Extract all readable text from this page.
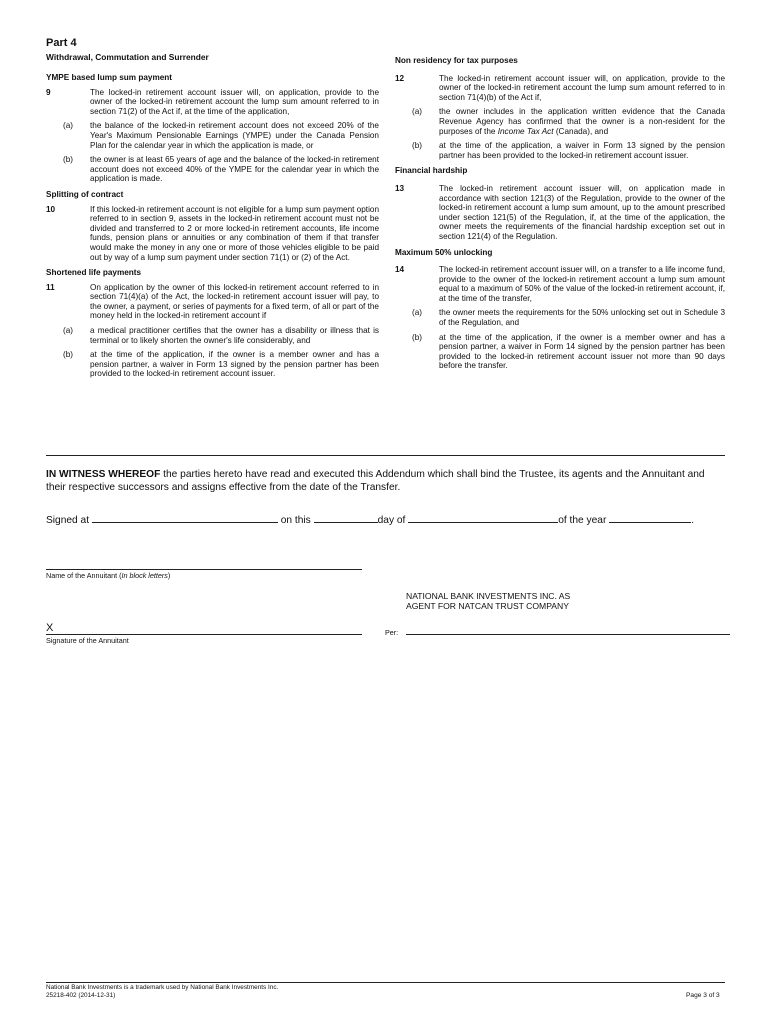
Part 4
Withdrawal, Commutation and Surrender
YMPE based lump sum payment
9	The locked-in retirement account issuer will, on application, provide to the owner of the locked-in retirement account the lump sum amount referred to in section 71(2) of the Act if, at the time of the application,
(a)	the balance of the locked-in retirement account does not exceed 20% of the Year's Maximum Pensionable Earnings (YMPE) under the Canada Pension Plan for the calendar year in which the application is made, or
(b)	the owner is at least 65 years of age and the balance of the locked-in retirement account does not exceed 40% of the YMPE for the calendar year in which the application is made.
Splitting of contract
10	If this locked-in retirement account is not eligible for a lump sum payment option referred to in section 9, assets in the locked-in retirement account must not be divided and transferred to 2 or more locked-in retirement accounts, life income funds, pension plans or annuities or any combination of them if that transfer would make the money in any one or more of those vehicles eligible to be paid out by way of a lump sum payment under section 71(1) or (2) of the Act.
Shortened life payments
11	On application by the owner of this locked-in retirement account referred to in section 71(4)(a) of the Act, the locked-in retirement account issuer will pay, to the owner, a payment, or series of payments for a fixed term, of all or part of the money held in the locked-in retirement account if
(a)	a medical practitioner certifies that the owner has a disability or illness that is terminal or to likely shorten the owner's life considerably, and
(b)	at the time of the application, if the owner is a member owner and has a pension partner, a waiver in Form 13 signed by the pension partner has been provided to the locked-in retirement account issuer.
Non residency for tax purposes
12	The locked-in retirement account issuer will, on application, provide to the owner of the locked-in retirement account the lump sum amount referred to in section 71(4)(b) of the Act if,
(a)	the owner includes in the application written evidence that the Canada Revenue Agency has confirmed that the owner is a non-resident for the purposes of the Income Tax Act (Canada), and
(b)	at the time of the application, a waiver in Form 13 signed by the pension partner has been provided to the locked-in retirement account issuer.
Financial hardship
13	The locked-in retirement account issuer will, on application made in accordance with section 121(3) of the Regulation, provide to the owner of the locked-in retirement account a lump sum amount, up to the amount prescribed under section 121(5) of the Regulation, if, at the time of the application, the owner meets the requirements of the financial hardship exception set out in section 121(4) of the Regulation.
Maximum 50% unlocking
14	The locked-in retirement account issuer will, on a transfer to a life income fund, provide to the owner of the locked-in retirement account a lump sum amount equal to a maximum of 50% of the value of the locked-in retirement account, if, at the time of the transfer,
(a)	the owner meets the requirements for the 50% unlocking set out in Schedule 3 of the Regulation, and
(b)	at the time of the application, if the owner is a member owner and has a pension partner, a waiver in Form 14 signed by the pension partner has been provided to the locked-in retirement account issuer not more than 90 days before the transfer.
IN WITNESS WHEREOF the parties hereto have read and executed this Addendum which shall bind the Trustee, its agents and the Annuitant and their respective successors and assigns effective from the date of the Transfer.
Signed at	on this	day of	of the year	.
Name of the Annuitant (In block letters)
NATIONAL BANK INVESTMENTS INC. AS
AGENT FOR NATCAN TRUST COMPANY
X
Signature of the Annuitant
Per:
National Bank Investments is a trademark used by National Bank Investments Inc.
25218-402 (2014-12-31)	Page 3 of 3
